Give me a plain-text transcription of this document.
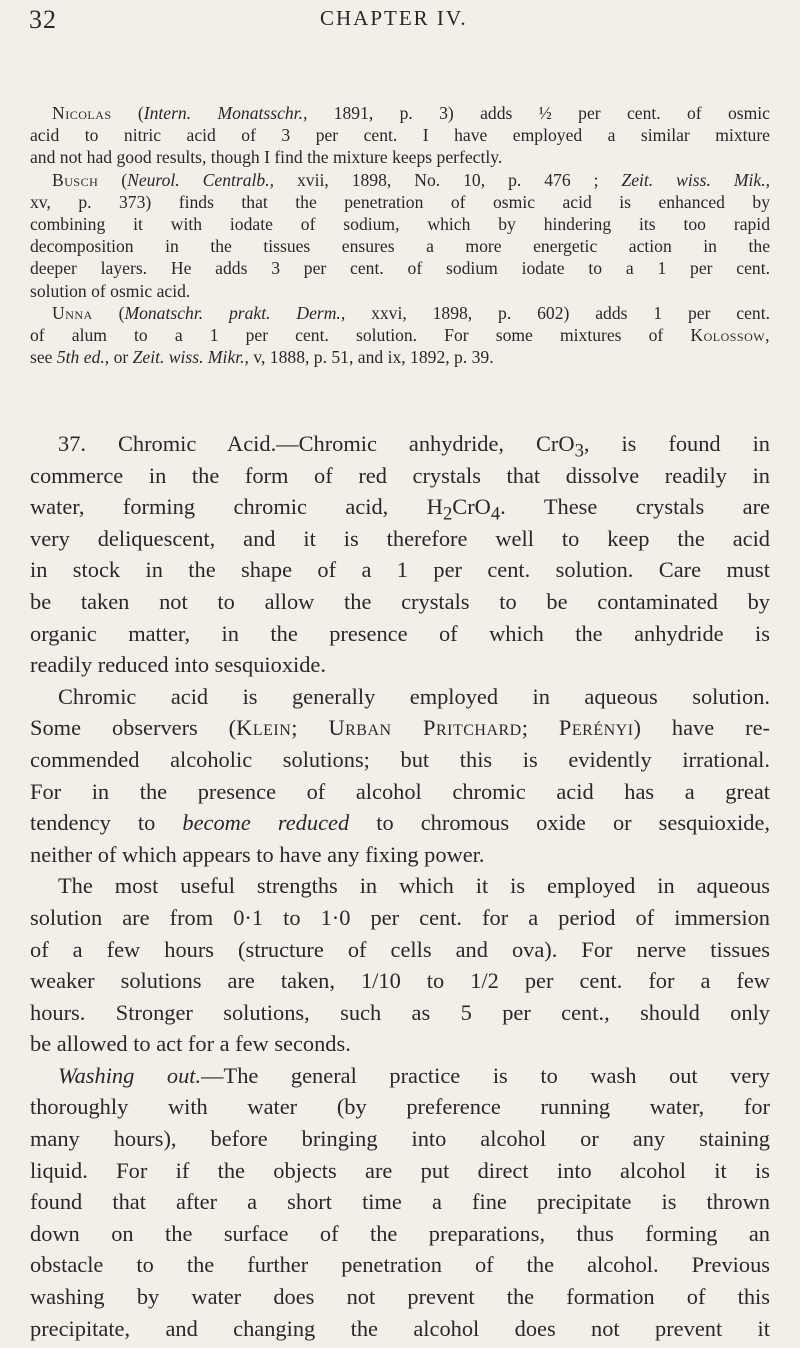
32	CHAPTER IV.
Nicolas (Intern. Monatsschr., 1891, p. 3) adds ½ per cent. of osmic
acid to nitric acid of 3 per cent. I have employed a similar mixture
and not had good results, though I find the mixture keeps perfectly.
Busch (Neurol. Centralb., xvii, 1898, No. 10, p. 476 ; Zeit. wiss. Mik.,
xv, p. 373) finds that the penetration of osmic acid is enhanced by
combining it with iodate of sodium, which by hindering its too rapid
decomposition in the tissues ensures a more energetic action in the
deeper layers. He adds 3 per cent. of sodium iodate to a 1 per cent.
solution of osmic acid.
Unna (Monatschr. prakt. Derm., xxvi, 1898, p. 602) adds 1 per cent.
of alum to a 1 per cent. solution. For some mixtures of Kolossow,
see 5th ed., or Zeit. wiss. Mikr., v, 1888, p. 51, and ix, 1892, p. 39.
37. Chromic Acid.—Chromic anhydride, CrO$_3$, is found in
commerce in the form of red crystals that dissolve readily in
water, forming chromic acid, $H_2CrO_4$. These crystals are
very deliquescent, and it is therefore well to keep the acid
in stock in the shape of a 1 per cent. solution. Care must
be taken not to allow the crystals to be contaminated by
organic matter, in the presence of which the anhydride is
readily reduced into sesquioxide.
Chromic acid is generally employed in aqueous solution.
Some observers (Klein; Urban Pritchard; Perényi) have re-
commended alcoholic solutions; but this is evidently irrational.
For in the presence of alcohol chromic acid has a great
tendency to become reduced to chromous oxide or sesquioxide,
neither of which appears to have any fixing power.
The most useful strengths in which it is employed in aqueous
solution are from 0·1 to 1·0 per cent. for a period of immersion
of a few hours (structure of cells and ova). For nerve tissues
weaker solutions are taken, 1/10 to 1/2 per cent. for a few
hours. Stronger solutions, such as 5 per cent., should only
be allowed to act for a few seconds.
Washing out.—The general practice is to wash out very
thoroughly with water (by preference running water, for
many hours), before bringing into alcohol or any staining
liquid. For if the objects are put direct into alcohol it is
found that after a short time a fine precipitate is thrown
down on the surface of the preparations, thus forming an
obstacle to the further penetration of the alcohol. Previous
washing by water does not prevent the formation of this
precipitate, and changing the alcohol does not prevent it
